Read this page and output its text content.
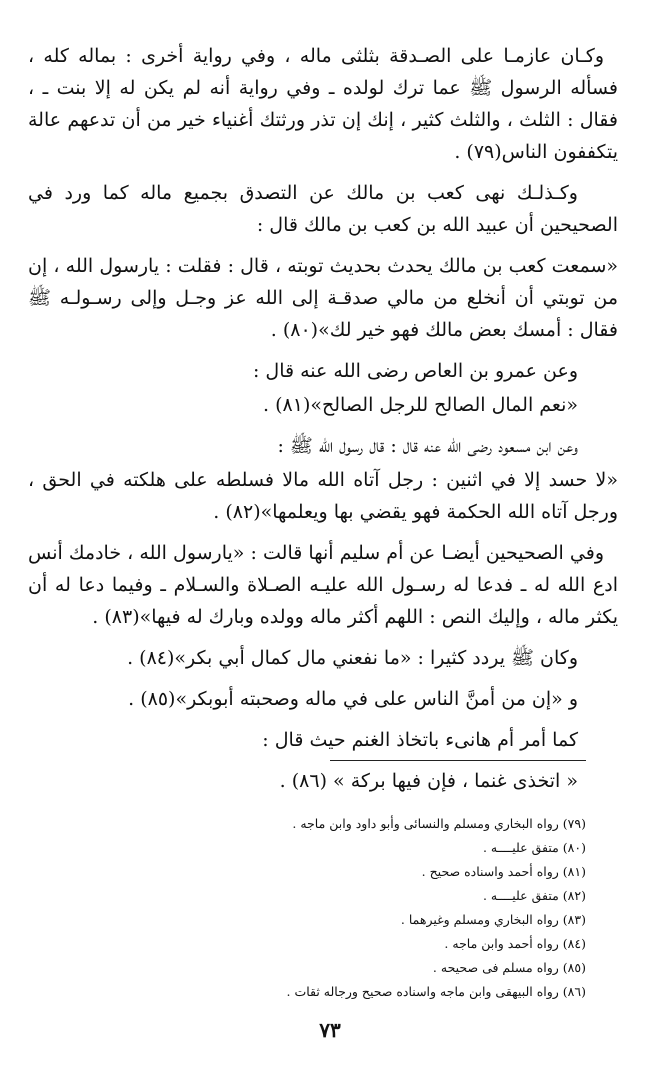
وكـان عازمـا على الصـدقة بثلثى ماله ، وفي رواية أخرى : بماله كله ، فسأله الرسول ﷺ عما ترك لولده ـ وفي رواية أنه لم يكن له إلا بنت ـ ، فقال : الثلث ، والثلث كثير ، إنك إن تذر ورثتك أغنياء خير من أن تدعهم عالة يتكففون الناس(٧٩) .

وكـذلـك نهى كعب بن مالك عن التصدق بجميع ماله كما ورد في الصحيحين أن عبيد الله بن كعب بن مالك قال :

«سمعت كعب بن مالك يحدث بحديث توبته ، قال : فقلت : يارسول الله ، إن من توبتي أن أنخلع من مالي صدقـة إلى الله عز وجـل وإلى رسـولـه ﷺ فقال : أمسك بعض مالك فهو خير لك»(٨٠) .

وعن عمرو بن العاص رضى الله عنه قال :

«نعم المال الصالح للرجل الصالح»(٨١) .

وعن ابن مسعود رضى الله عنه قال : قال رسول الله ﷺ :

«لا حسد إلا في اثنين : رجل آتاه الله مالا فسلطه على هلكته في الحق ، ورجل آتاه الله الحكمة فهو يقضي بها ويعلمها»(٨٢) .

وفي الصحيحين أيضـا عن أم سليم أنها قالت : «يارسول الله ، خادمك أنس ادع الله له ـ فدعا له رسـول الله عليـه الصـلاة والسـلام ـ وفيما دعا له أن يكثر ماله ، وإليك النص : اللهم أكثر ماله وولده وبارك له فيها»(٨٣) .

وكان ﷺ يردد كثيرا : «ما نفعني مال كمال أبي بكر»(٨٤) .

و «إن من أمنَّ الناس على في ماله وصحبته أبوبكر»(٨٥) .

كما أمر أم هانىء باتخاذ الغنم حيث قال :

« اتخذى غنما ، فإن فيها بركة » (٨٦) .

(٧٩) رواه البخاري ومسلم والنسائى وأبو داود وابن ماجه .
(٨٠) متفق عليــــه .
(٨١) رواه أحمد واسناده صحيح .
(٨٢) متفق عليــــه .
(٨٣) رواه البخاري ومسلم وغيرهما .
(٨٤) رواه أحمد وابن ماجه .
(٨٥) رواه مسلم فى صحيحه .
(٨٦) رواه البيهقى وابن ماجه واسناده صحيح ورجاله ثقات .
٧٣
